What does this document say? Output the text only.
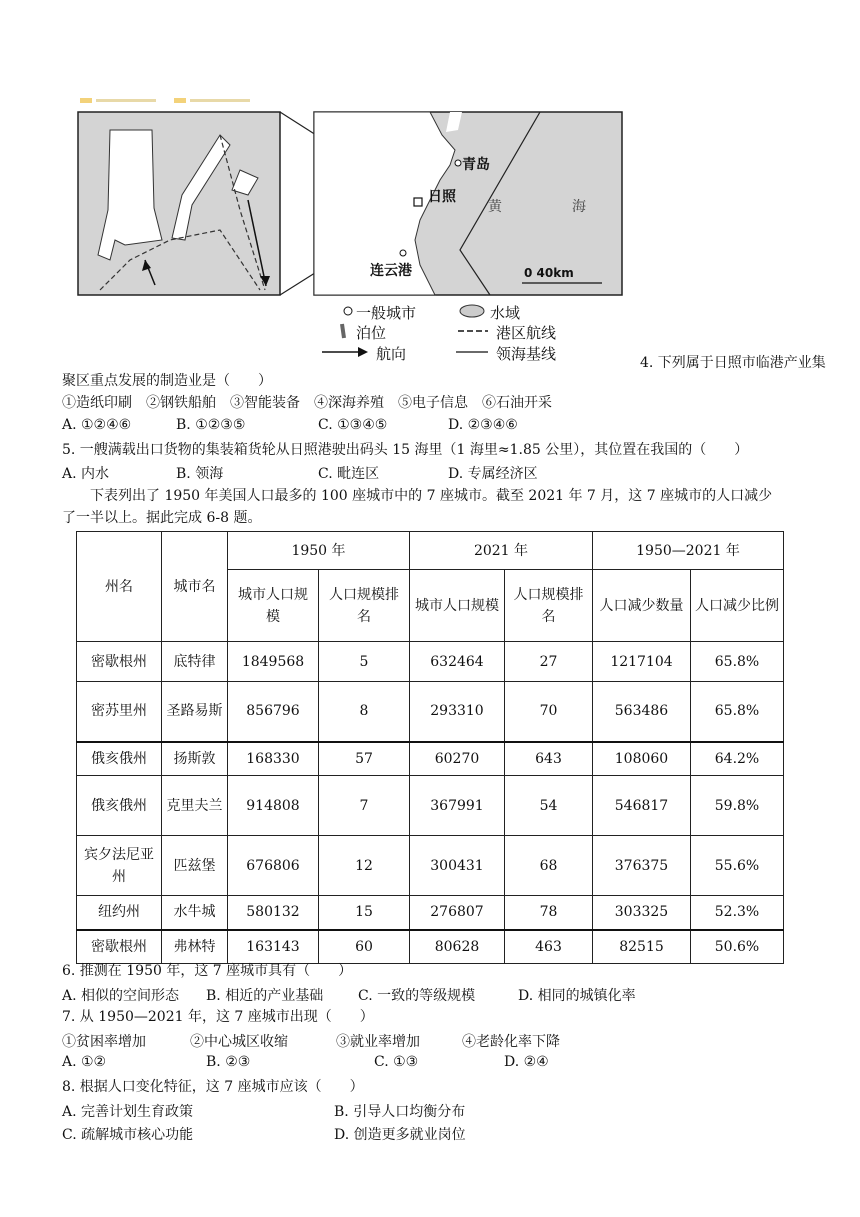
青岛
日照
黄	海
连云港	0 40km
一般城市	水域
泊位	港区航线
航向	领海基线	4. 下列属于日照市临港产业集
聚区重点发展的制造业是（　　）
①造纸印刷　②钢铁船舶　③智能装备　④深海养殖　⑤电子信息　⑥石油开采
A. ①②④⑥	B. ①②③⑤	C. ①③④⑤	D. ②③④⑥
5. 一艘满载出口货物的集装箱货轮从日照港驶出码头 15 海里（1 海里≈1.85 公里），其位置在我国的（　　）
A. 内水	B. 领海	C. 毗连区	D. 专属经济区
下表列出了 1950 年美国人口最多的 100 座城市中的 7 座城市。截至 2021 年 7 月，这 7 座城市的人口减少
了一半以上。据此完成 6-8 题。
州名	城市名	1950 年		2021 年		1950—2021 年	
		城市人口规模	人口规模排名	城市人口规模	人口规模排名	人口减少数量	人口减少比例
密歇根州	底特律	1849568	5	632464	27	1217104	65.8%
密苏里州	圣路易斯	856796	8	293310	70	563486	65.8%
俄亥俄州	扬斯敦	168330	57	60270	643	108060	64.2%
俄亥俄州	克里夫兰	914808	7	367991	54	546817	59.8%
宾夕法尼亚州	匹兹堡	676806	12	300431	68	376375	55.6%
纽约州	水牛城	580132	15	276807	78	303325	52.3%
密歇根州	弗林特	163143	60	80628	463	82515	50.6%
6. 推测在 1950 年，这 7 座城市具有（　　）
A. 相似的空间形态 B. 相近的产业基础 C. 一致的等级规模	D. 相同的城镇化率
7. 从 1950—2021 年，这 7 座城市出现（　　）
①贫困率增加	②中心城区收缩	③就业率增加	④老龄化率下降
A. ①②	B. ②③	C. ①③	D. ②④
8. 根据人口变化特征，这 7 座城市应该（　　）
A. 完善计划生育政策	B. 引导人口均衡分布
C. 疏解城市核心功能	D. 创造更多就业岗位
